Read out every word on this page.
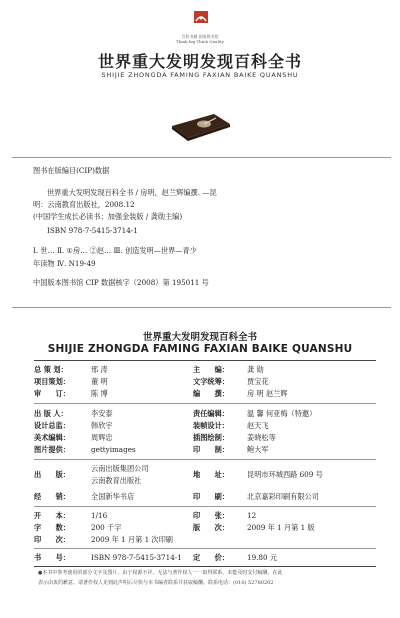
百科书城 国家图书馆
Think big Think Quality
世界重大发明发现百科全书
SHIJIE ZHONGDA FAMING FAXIAN BAIKE QUANSHU
图书在版编目(CIP)数据
世界重大发明发现百科全书 / 房明，赵兰辉编撰. —昆
明：云南教育出版社，2008.12
(中国学生成长必读书；加强金装版 / 龚勋主编)
ISBN 978-7-5415-3714-1
Ⅰ. 世… Ⅱ. ①房… ②赵… Ⅲ. 创造发明—世界—青少
年读物 Ⅳ. N19-49
中国版本图书馆 CIP 数据核字（2008）第 195011 号
世界重大发明发现百科全书
SHIJIE ZHONGDA FAMING FAXIAN BAIKE QUANSHU
总 策 划：	邢 涛	主　　编：	龚 勋
项目策划：	董 明	文字统筹：	贾宝花
审　　订：	陈 博	编　　撰：	房 明 赵兰辉
出 版 人：	李安泰	责任编辑：	温 馨 何亚梅（特邀）
设计总监：	韩欣宇	装帧设计：	赵天飞
美术编辑：	周辉忠	插图绘制：	姜晓松等
图片提供：	gettyimages	印　　制：	鲍大军
出　　版：
云南出版集团公司
云南教育出版社
地　　址：	昆明市环城西路 609 号
经　　销：	全国新华书店	印　　刷：	北京嘉彩印刷有限公司
开　　本：	1/16	印　　张：	12
字　　数：	200 千字	版　　次：	2009 年 1 月第 1 版
印　　次：	2009 年 1 月第 1 次印刷
书　　号：	ISBN 978-7-5415-3714-1 定　　价：	19.80 元
●本书中参考使用的部分文字及图片，由于权源不详，无法与著作权人一一取得联系，未能及时支付稿酬，在此
表示由衷的歉意。请著作权人见到此声明后尽快与本书编者联系并获取稿酬。联系电话：(010) 52780202
